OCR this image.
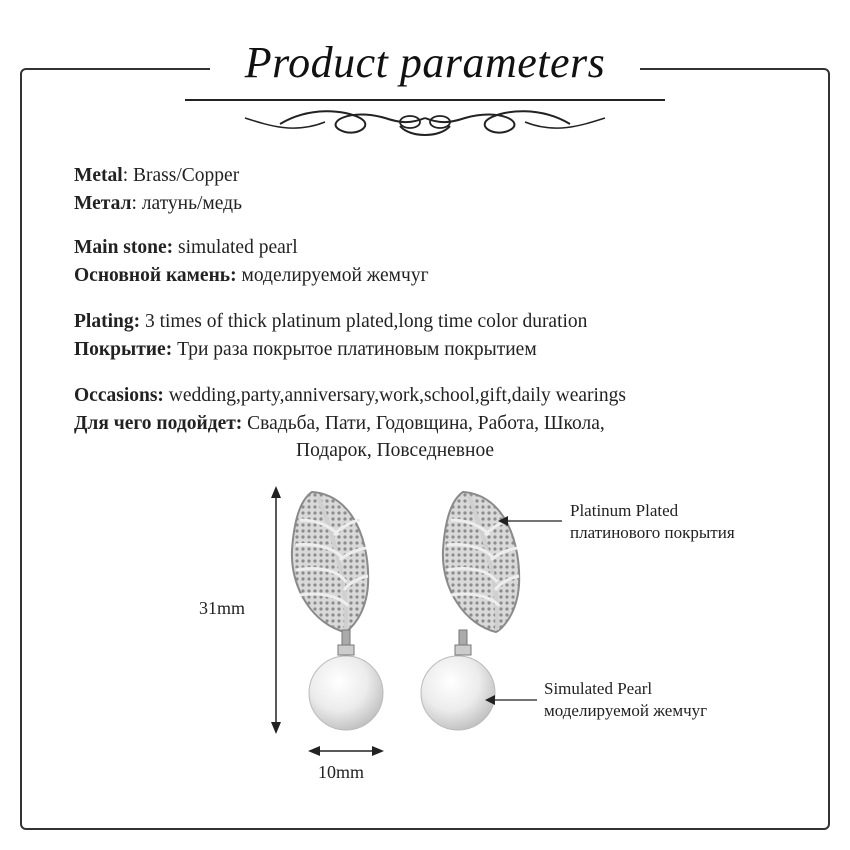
Product parameters
Metal: Brass/Copper
Метал: латунь/медь
Main stone: simulated pearl
Основной камень: моделируемой жемчуг
Plating: 3 times of thick platinum plated,long time color duration
Покрытие: Три раза покрытое платиновым покрытием
Occasions: wedding,party,anniversary,work,school,gift,daily wearings
Для чего подойдет: Свадьба, Пати, Годовщина, Работа, Школа,
Подарок, Повседневное
31mm
10mm
Platinum Plated
платинового покрытия
Simulated Pearl
моделируемой жемчуг
